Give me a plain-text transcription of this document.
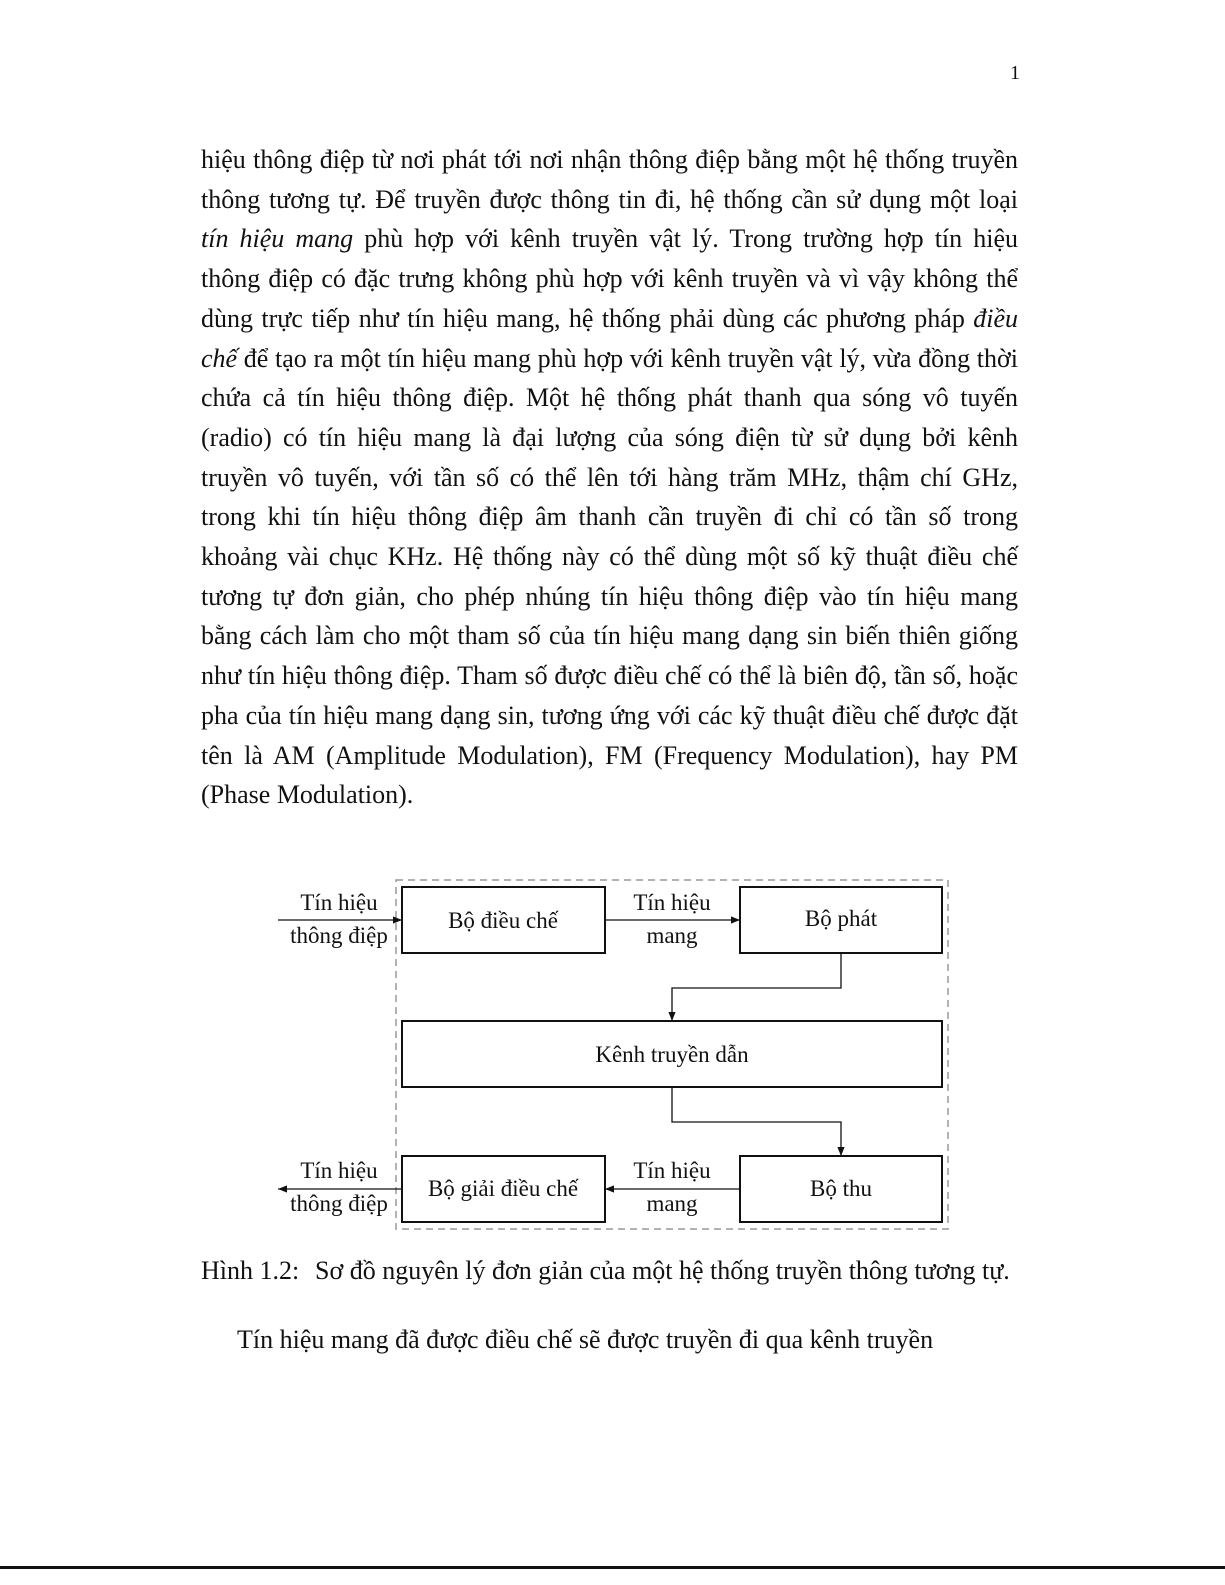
1

hiệu thông điệp từ nơi phát tới nơi nhận thông điệp bằng một hệ thống truyền thông tương tự. Để truyền được thông tin đi, hệ thống cần sử dụng một loại tín hiệu mang phù hợp với kênh truyền vật lý. Trong trường hợp tín hiệu thông điệp có đặc trưng không phù hợp với kênh truyền và vì vậy không thể dùng trực tiếp như tín hiệu mang, hệ thống phải dùng các phương pháp điều chế để tạo ra một tín hiệu mang phù hợp với kênh truyền vật lý, vừa đồng thời chứa cả tín hiệu thông điệp. Một hệ thống phát thanh qua sóng vô tuyến (radio) có tín hiệu mang là đại lượng của sóng điện từ sử dụng bởi kênh truyền vô tuyến, với tần số có thể lên tới hàng trăm MHz, thậm chí GHz, trong khi tín hiệu thông điệp âm thanh cần truyền đi chỉ có tần số trong khoảng vài chục KHz. Hệ thống này có thể dùng một số kỹ thuật điều chế tương tự đơn giản, cho phép nhúng tín hiệu thông điệp vào tín hiệu mang bằng cách làm cho một tham số của tín hiệu mang dạng sin biến thiên giống như tín hiệu thông điệp. Tham số được điều chế có thể là biên độ, tần số, hoặc pha của tín hiệu mang dạng sin, tương ứng với các kỹ thuật điều chế được đặt tên là AM (Amplitude Modulation), FM (Frequency Modulation), hay PM (Phase Modulation).

Tín hiệu
thông điệp
Bộ điều chế
Tín hiệu
mang
Bộ phát
Kênh truyền dẫn
Tín hiệu
thông điệp
Bộ giải điều chế
Tín hiệu
mang
Bộ thu
Hình 1.2: Sơ đồ nguyên lý đơn giản của một hệ thống truyền thông tương tự.
Tín hiệu mang đã được điều chế sẽ được truyền đi qua kênh truyền
